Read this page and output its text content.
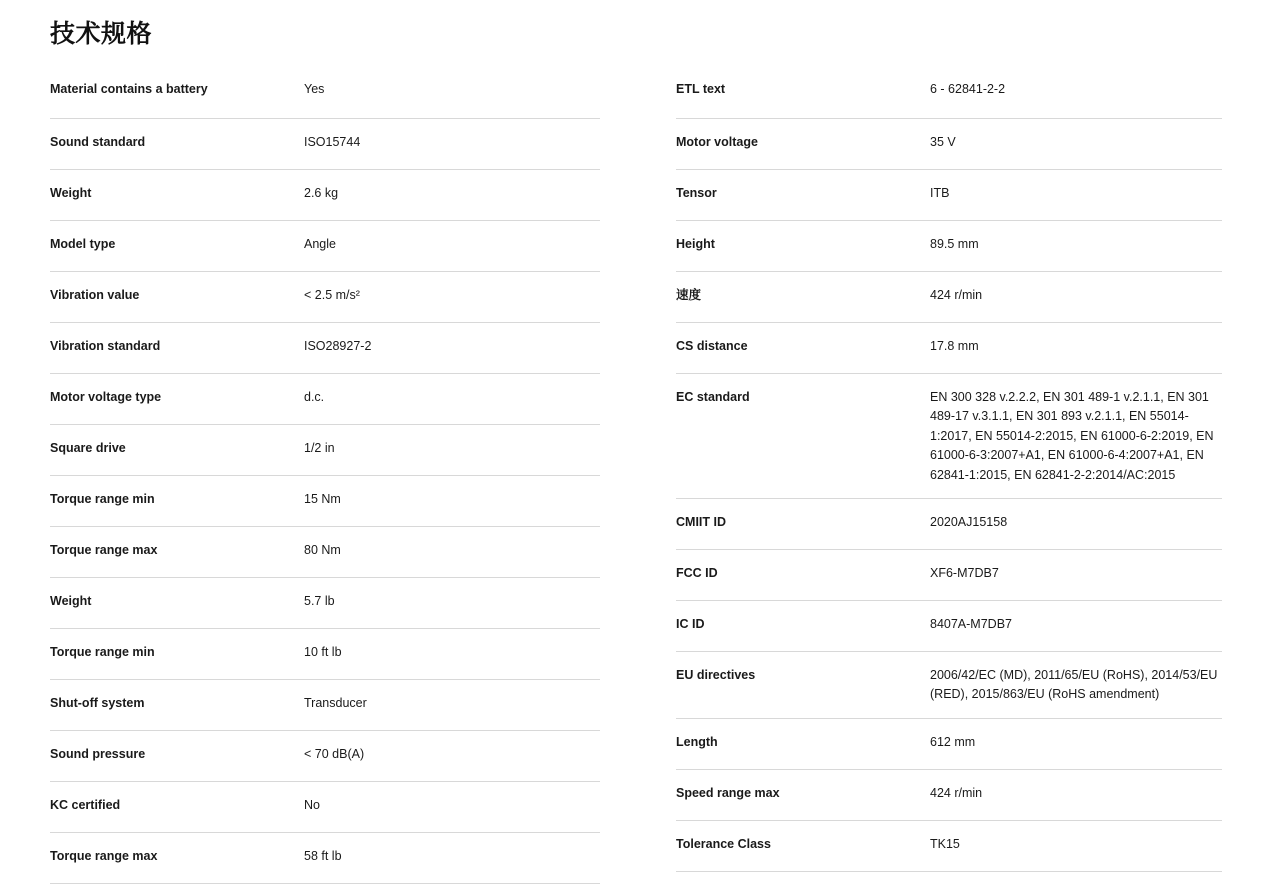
技术规格
Material contains a battery	Yes
Sound standard	ISO15744
Weight	2.6 kg
Model type	Angle
Vibration value	< 2.5 m/s²
Vibration standard	ISO28927-2
Motor voltage type	d.c.
Square drive	1/2 in
Torque range min	15 Nm
Torque range max	80 Nm
Weight	5.7 lb
Torque range min	10 ft lb
Shut-off system	Transducer
Sound pressure	< 70 dB(A)
KC certified	No
Torque range max	58 ft lb
ETL text	6 - 62841-2-2
Motor voltage	35 V
Tensor	ITB
Height	89.5 mm
速度	424 r/min
CS distance	17.8 mm
EC standard	EN 300 328 v.2.2.2, EN 301 489-1 v.2.1.1, EN 301 489-17 v.3.1.1, EN 301 893 v.2.1.1, EN 55014-1:2017, EN 55014-2:2015, EN 61000-6-2:2019, EN 61000-6-3:2007+A1, EN 61000-6-4:2007+A1, EN 62841-1:2015, EN 62841-2-2:2014/AC:2015
CMIIT ID	2020AJ15158
FCC ID	XF6-M7DB7
IC ID	8407A-M7DB7
EU directives	2006/42/EC (MD), 2011/65/EU (RoHS), 2014/53/EU (RED), 2015/863/EU (RoHS amendment)
Length	612 mm
Speed range max	424 r/min
Tolerance Class	TK15
